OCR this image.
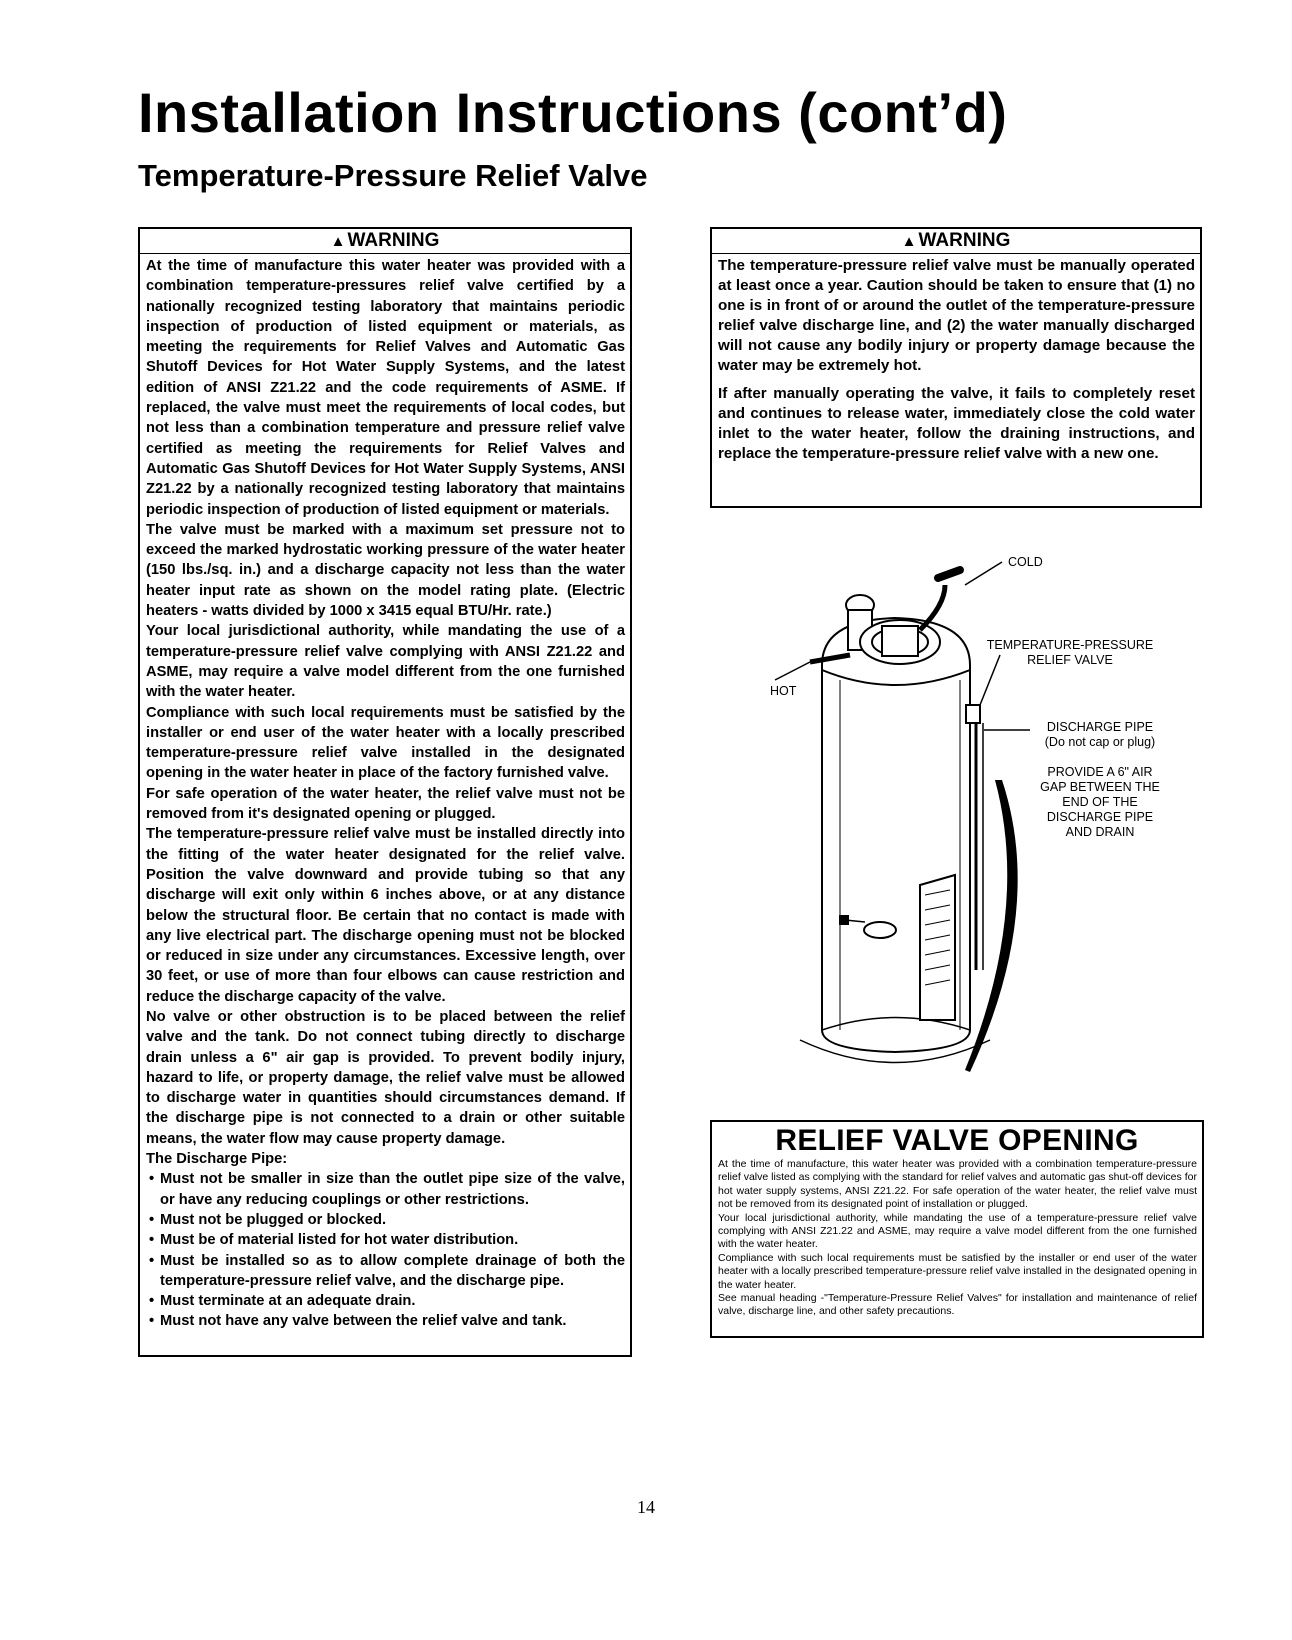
Installation Instructions (cont’d)
Temperature-Pressure Relief Valve
▲ WARNING

At the time of manufacture this water heater was provided with a combination temperature-pressures relief valve certified by a nationally recognized testing laboratory that maintains periodic inspection of production of listed equipment or materials, as meeting the requirements for Relief Valves and Automatic Gas Shutoff Devices for Hot Water Supply Systems, and the latest edition of ANSI Z21.22 and the code requirements of ASME. If replaced, the valve must meet the requirements of local codes, but not less than a combination temperature and pressure relief valve certified as meeting the requirements for Relief Valves and Automatic Gas Shutoff Devices for Hot Water Supply Systems, ANSI Z21.22 by a nationally recognized testing laboratory that maintains periodic inspection of production of listed equipment or materials.

The valve must be marked with a maximum set pressure not to exceed the marked hydrostatic working pressure of the water heater (150 lbs./sq. in.) and a discharge capacity not less than the water heater input rate as shown on the model rating plate. (Electric heaters - watts divided by 1000 x 3415 equal BTU/Hr. rate.)

Your local jurisdictional authority, while mandating the use of a temperature-pressure relief valve complying with ANSI Z21.22 and ASME, may require a valve model different from the one furnished with the water heater.

Compliance with such local requirements must be satisfied by the installer or end user of the water heater with a locally prescribed temperature-pressure relief valve installed in the designated opening in the water heater in place of the factory furnished valve.

For safe operation of the water heater, the relief valve must not be removed from it's designated opening or plugged.

The temperature-pressure relief valve must be installed directly into the fitting of the water heater designated for the relief valve. Position the valve downward and provide tubing so that any discharge will exit only within 6 inches above, or at any distance below the structural floor. Be certain that no contact is made with any live electrical part. The discharge opening must not be blocked or reduced in size under any circumstances. Excessive length, over 30 feet, or use of more than four elbows can cause restriction and reduce the discharge capacity of the valve.

No valve or other obstruction is to be placed between the relief valve and the tank. Do not connect tubing directly to discharge drain unless a 6" air gap is provided. To prevent bodily injury, hazard to life, or property damage, the relief valve must be allowed to discharge water in quantities should circumstances demand. If the discharge pipe is not connected to a drain or other suitable means, the water flow may cause property damage.

The Discharge Pipe:

• Must not be smaller in size than the outlet pipe size of the valve, or have any reducing couplings or other restrictions.
• Must not be plugged or blocked.
• Must be of material listed for hot water distribution.
• Must be installed so as to allow complete drainage of both the temperature-pressure relief valve, and the discharge pipe.
• Must terminate at an adequate drain.
• Must not have any valve between the relief valve and tank.
▲ WARNING

The temperature-pressure relief valve must be manually operated at least once a year. Caution should be taken to ensure that (1) no one is in front of or around the outlet of the temperature-pressure relief valve discharge line, and (2) the water manually discharged will not cause any bodily injury or property damage because the water may be extremely hot.

If after manually operating the valve, it fails to completely reset and continues to release water, immediately close the cold water inlet to the water heater, follow the draining instructions, and replace the temperature-pressure relief valve with a new one.

COLD
HOT
TEMPERATURE-PRESSURE
RELIEF VALVE
DISCHARGE PIPE
(Do not cap or plug)
PROVIDE A 6" AIR
GAP BETWEEN THE
END OF THE
DISCHARGE PIPE
AND DRAIN
RELIEF VALVE OPENING

At the time of manufacture, this water heater was provided with a combination temperature-pressure relief valve listed as complying with the standard for relief valves and automatic gas shut-off devices for hot water supply systems, ANSI Z21.22. For safe operation of the water heater, the relief valve must not be removed from its designated point of installation or plugged.

Your local jurisdictional authority, while mandating the use of a temperature-pressure relief valve complying with ANSI Z21.22 and ASME, may require a valve model different from the one furnished with the water heater.

Compliance with such local requirements must be satisfied by the installer or end user of the water heater with a locally prescribed temperature-pressure relief valve installed in the designated opening in the water heater.

See manual heading -"Temperature-Pressure Relief Valves" for installation and maintenance of relief valve, discharge line, and other safety precautions.

14
